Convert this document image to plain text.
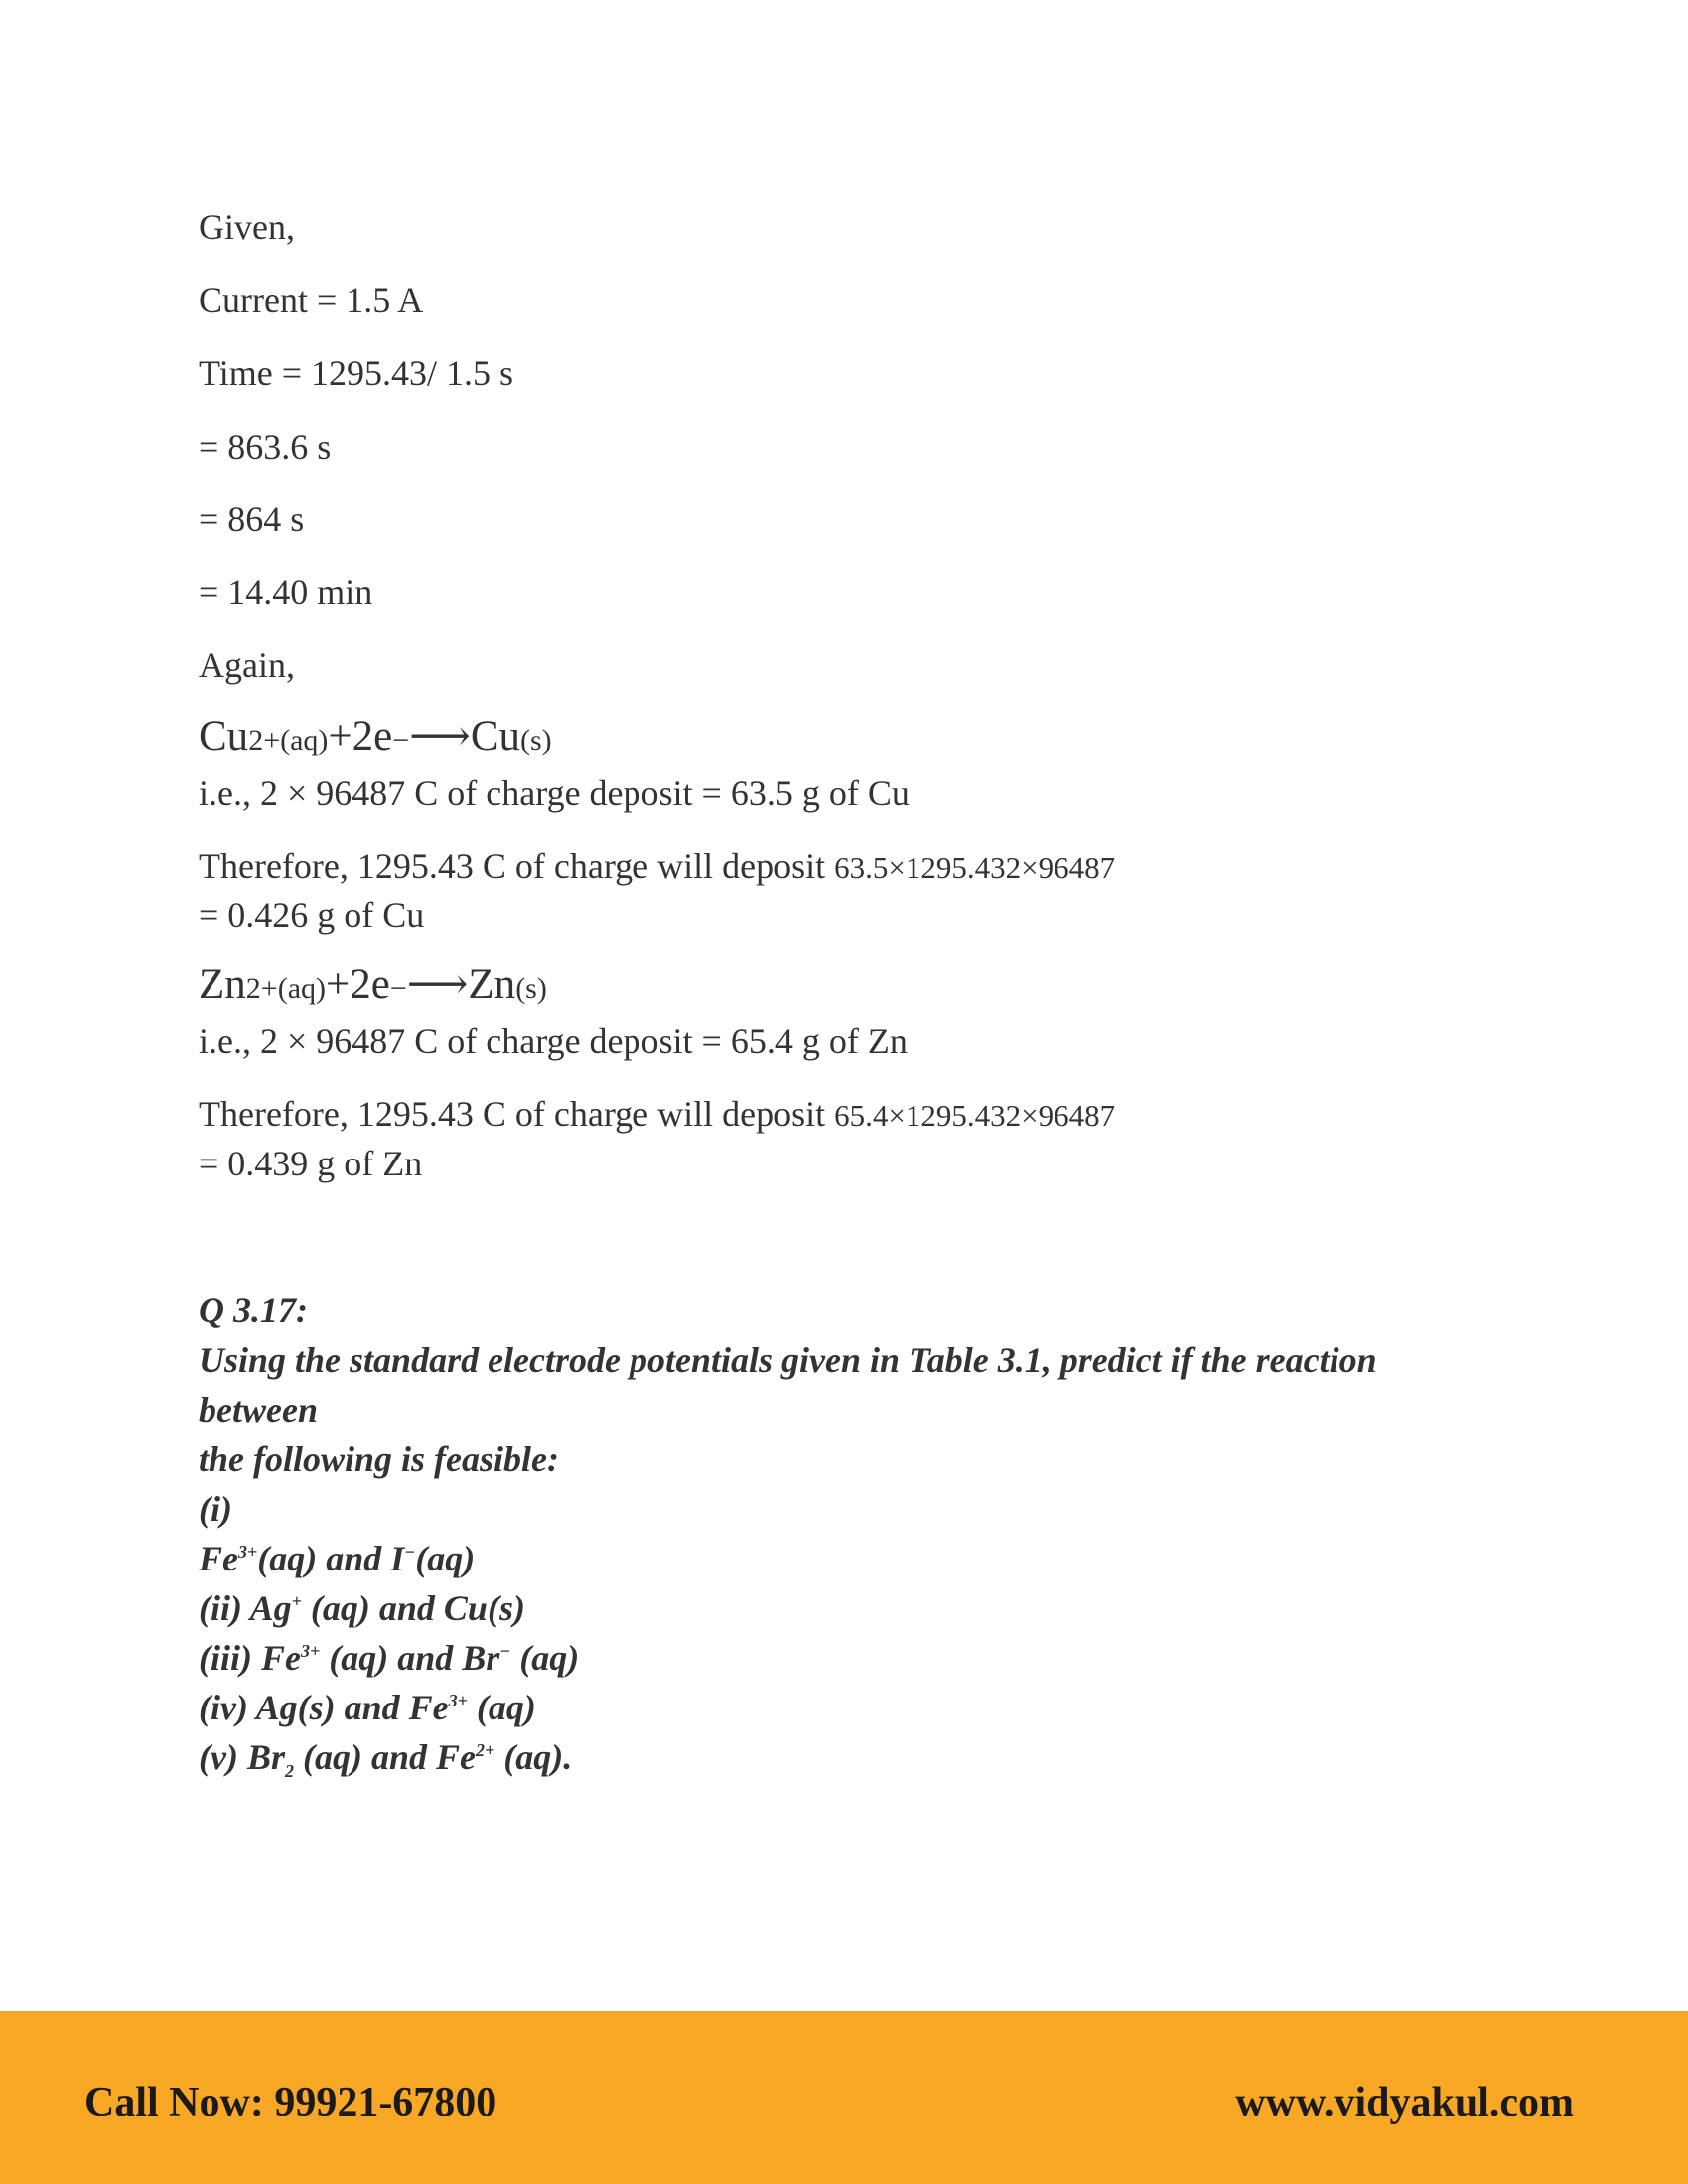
Given,
Current = 1.5 A
Time = 1295.43/ 1.5 s
= 863.6 s
= 864 s
= 14.40 min
Again,
Cu2+(aq)+2e−⟶Cu(s)
i.e., 2 × 96487 C of charge deposit = 63.5 g of Cu
Therefore, 1295.43 C of charge will deposit 63.5×1295.432×96487
= 0.426 g of Cu
Zn2+(aq)+2e−⟶Zn(s)
i.e., 2 × 96487 C of charge deposit = 65.4 g of Zn
Therefore, 1295.43 C of charge will deposit 65.4×1295.432×96487
= 0.439 g of Zn
Q 3.17:
Using the standard electrode potentials given in Table 3.1, predict if the reaction
between
the following is feasible:
(i)
$Fe^{3+}(aq)$ and I−(aq)
(ii) Ag+ (aq) and Cu(s)
(iii) $Fe^{3+}$ (aq) and Br− (aq)
(iv) Ag(s) and $Fe^{3+}$ (aq)
(v) $Br_2$ (aq) and $Fe^{2+}$ (aq).
Call Now: 99921-67800	www.vidyakul.com
